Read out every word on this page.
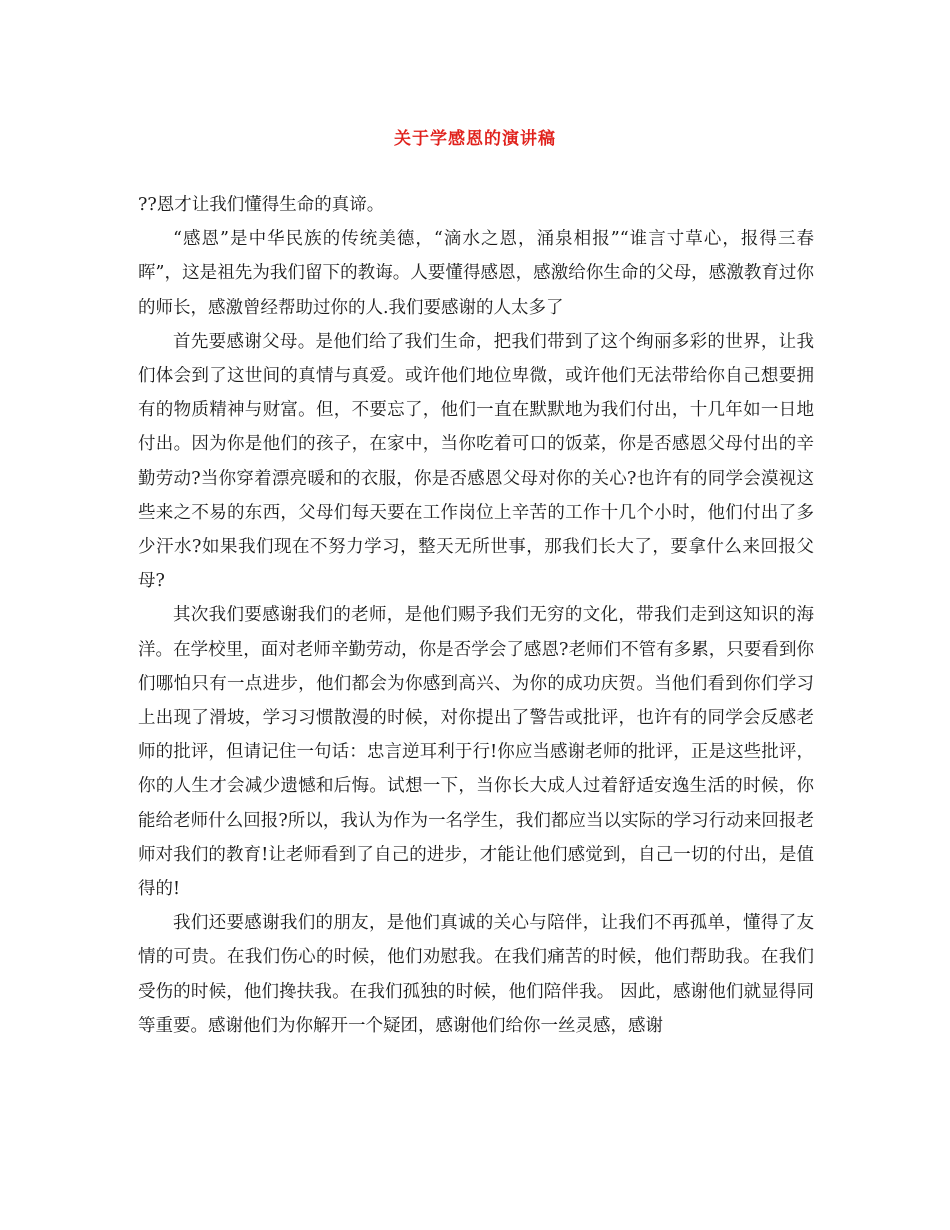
关于学感恩的演讲稿

??恩才让我们懂得生命的真谛。

“感恩”是中华民族的传统美德，“滴水之恩，涌泉相报”“谁言寸草心，报得三春晖”，这是祖先为我们留下的教诲。人要懂得感恩，感激给你生命的父母，感激教育过你的师长，感激曾经帮助过你的人.我们要感谢的人太多了

首先要感谢父母。是他们给了我们生命，把我们带到了这个绚丽多彩的世界，让我们体会到了这世间的真情与真爱。或许他们地位卑微，或许他们无法带给你自己想要拥有的物质精神与财富。但，不要忘了，他们一直在默默地为我们付出，十几年如一日地付出。因为你是他们的孩子，在家中，当你吃着可口的饭菜，你是否感恩父母付出的辛勤劳动?当你穿着漂亮暖和的衣服，你是否感恩父母对你的关心?也许有的同学会漠视这些来之不易的东西，父母们每天要在工作岗位上辛苦的工作十几个小时，他们付出了多少汗水?如果我们现在不努力学习，整天无所世事，那我们长大了，要拿什么来回报父母?

其次我们要感谢我们的老师，是他们赐予我们无穷的文化，带我们走到这知识的海洋。在学校里，面对老师辛勤劳动，你是否学会了感恩?老师们不管有多累，只要看到你们哪怕只有一点进步，他们都会为你感到高兴、为你的成功庆贺。当他们看到你们学习上出现了滑坡，学习习惯散漫的时候，对你提出了警告或批评，也许有的同学会反感老师的批评，但请记住一句话：忠言逆耳利于行!你应当感谢老师的批评，正是这些批评，你的人生才会减少遗憾和后悔。试想一下，当你长大成人过着舒适安逸生活的时候，你能给老师什么回报?所以，我认为作为一名学生，我们都应当以实际的学习行动来回报老师对我们的教育!让老师看到了自己的进步，才能让他们感觉到，自己一切的付出，是值得的!

我们还要感谢我们的朋友，是他们真诚的关心与陪伴，让我们不再孤单，懂得了友情的可贵。在我们伤心的时候，他们劝慰我。在我们痛苦的时候，他们帮助我。在我们受伤的时候，他们搀扶我。在我们孤独的时候，他们陪伴我。 因此，感谢他们就显得同等重要。感谢他们为你解开一个疑团，感谢他们给你一丝灵感，感谢
